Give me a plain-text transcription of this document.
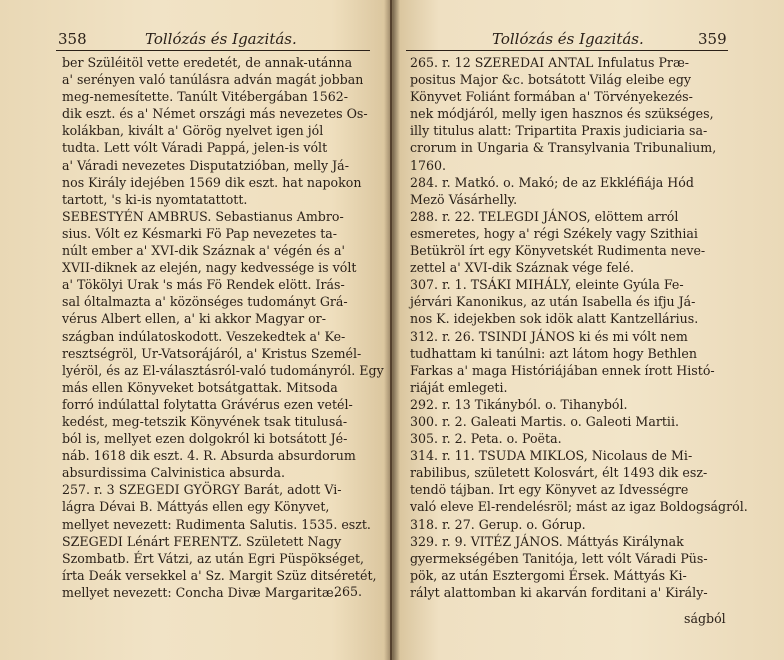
358	Tollózás és Igazitás.
ber Szüléitöl vette eredetét, de annak-utánna
a' serényen való tanúlásra adván magát jobban
meg-nemesítette. Tanúlt Vitébergában 1562-
dik eszt. és a' Német országi más nevezetes Os-
kolákban, kivált a' Görög nyelvet igen jól
tudta. Lett vólt Váradi Pappá, jelen-is vólt
a' Váradi nevezetes Disputatzióban, melly Já-
nos Király idejében 1569 dik eszt. hat napokon
tartott, 's ki-is nyomtatattott.
SEBESTYÉN AMBRUS. Sebastianus Ambro-
sius. Vólt ez Késmarki Fö Pap nevezetes ta-
núlt ember a' XVI-dik Száznak a' végén és a'
XVII-diknek az elején, nagy kedvessége is vólt
a' Tökölyi Urak 's más Fö Rendek elött. Irás-
sal óltalmazta a' közönséges tudományt Grá-
vérus Albert ellen, a' ki akkor Magyar or-
szágban indúlatoskodott. Veszekedtek a' Ke-
resztségröl, Ur-Vatsorájáról, a' Kristus Személ-
lyéröl, és az El-választásról-való tudományról. Egy
más ellen Könyveket botsátgattak. Mitsoda
forró indúlattal folytatta Grávérus ezen vetél-
kedést, meg-tetszik Könyvének tsak titulusá-
ból is, mellyet ezen dolgokról ki botsátott Jé-
náb. 1618 dik eszt. 4. R. Absurda absurdorum
absurdissima Calvinistica absurda.
257. r. 3 SZEGEDI GYÖRGY Barát, adott Vi-
lágra Dévai B. Máttyás ellen egy Könyvet,
mellyet nevezett: Rudimenta Salutis. 1535. eszt.
SZEGEDI Lénárt FERENTZ. Született Nagy
Szombatb. Ért Vátzi, az után Egri Püspökséget,
írta Deák versekkel a' Sz. Margit Szüz ditséretét,
mellyet nevezett: Concha Divæ Margaritæ.
265.
Tollózás és Igazitás.	359
265. r. 12 SZEREDAI ANTAL Infulatus Præ-
positus Major &c. botsátott Világ eleibe egy
Könyvet Foliánt formában a' Törvényekezés-
nek módjáról, melly igen hasznos és szükséges,
illy titulus alatt: Tripartita Praxis judiciaria sa-
crorum in Ungaria & Transylvania Tribunalium,
1760.
284. r. Matkó. o. Makó; de az Ekkléfiája Hód
Mezö Vásárhelly.
288. r. 22. TELEGDI JÁNOS, elöttem arról
esmeretes, hogy a' régi Székely vagy Szithiai
Betükröl írt egy Könyvetskét Rudimenta neve-
zettel a' XVI-dik Száznak vége felé.
307. r. 1. TSÁKI MIHÁLY, eleinte Gyúla Fe-
jérvári Kanonikus, az után Isabella és ifju Já-
nos K. idejekben sok idök alatt Kantzellárius.
312. r. 26. TSINDI JÁNOS ki és mi vólt nem
tudhattam ki tanúlni: azt látom hogy Bethlen
Farkas a' maga Históriájában ennek írott Histó-
riáját emlegeti.
292. r. 13 Tikányból. o. Tihanyból.
300. r. 2. Galeati Martis. o. Galeoti Martii.
305. r. 2. Peta. o. Poëta.
314. r. 11. TSUDA MIKLOS, Nicolaus de Mi-
rabilibus, született Kolosvárt, élt 1493 dik esz-
tendö tájban. Irt egy Könyvet az Idvességre
való eleve El-rendelésröl; mást az igaz Boldogságról.
318. r. 27. Gerup. o. Górup.
329. r. 9. VITÉZ JÁNOS. Máttyás Királynak
gyermekségében Tanitója, lett vólt Váradi Püs-
pök, az után Esztergomi Érsek. Máttyás Ki-
rályt alattomban ki akarván forditani a' Király-
ságból
